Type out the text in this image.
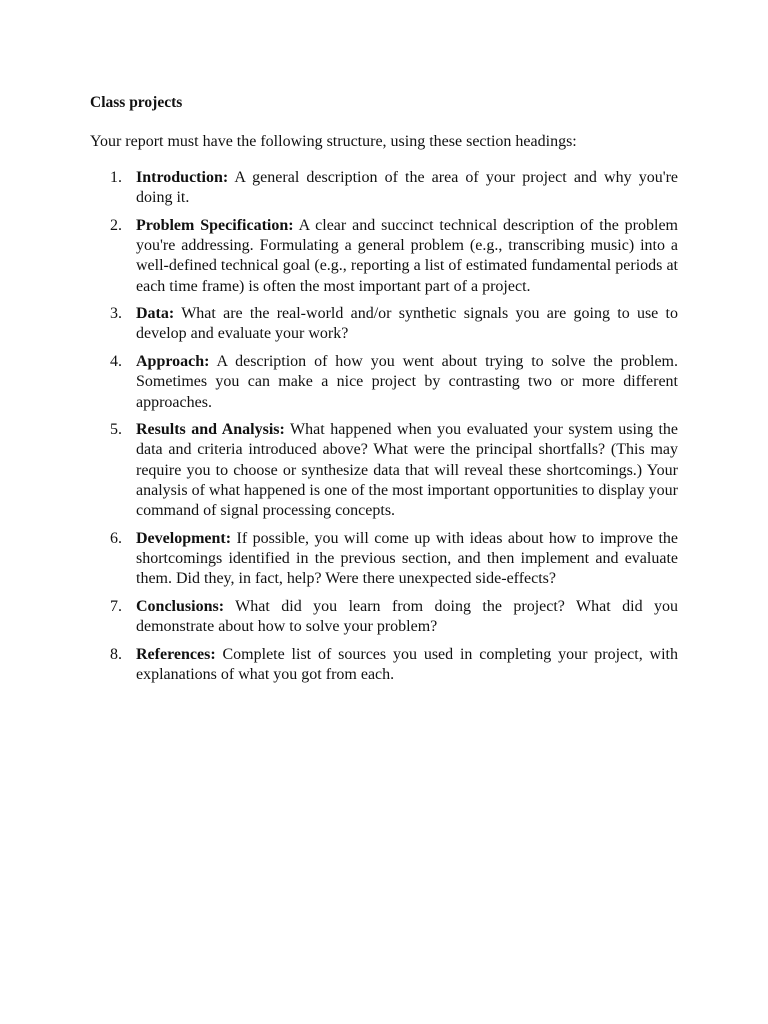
Class projects

Your report must have the following structure, using these section headings:

1. Introduction: A general description of the area of your project and why you're doing it.
2. Problem Specification: A clear and succinct technical description of the problem you're addressing. Formulating a general problem (e.g., transcribing music) into a well-defined technical goal (e.g., reporting a list of estimated fundamental periods at each time frame) is often the most important part of a project.
3. Data: What are the real-world and/or synthetic signals you are going to use to develop and evaluate your work?
4. Approach: A description of how you went about trying to solve the problem. Sometimes you can make a nice project by contrasting two or more different approaches.
5. Results and Analysis: What happened when you evaluated your system using the data and criteria introduced above? What were the principal shortfalls? (This may require you to choose or synthesize data that will reveal these shortcomings.) Your analysis of what happened is one of the most important opportunities to display your command of signal processing concepts.
6. Development: If possible, you will come up with ideas about how to improve the shortcomings identified in the previous section, and then implement and evaluate them. Did they, in fact, help? Were there unexpected side-effects?
7. Conclusions: What did you learn from doing the project? What did you demonstrate about how to solve your problem?
8. References: Complete list of sources you used in completing your project, with explanations of what you got from each.
